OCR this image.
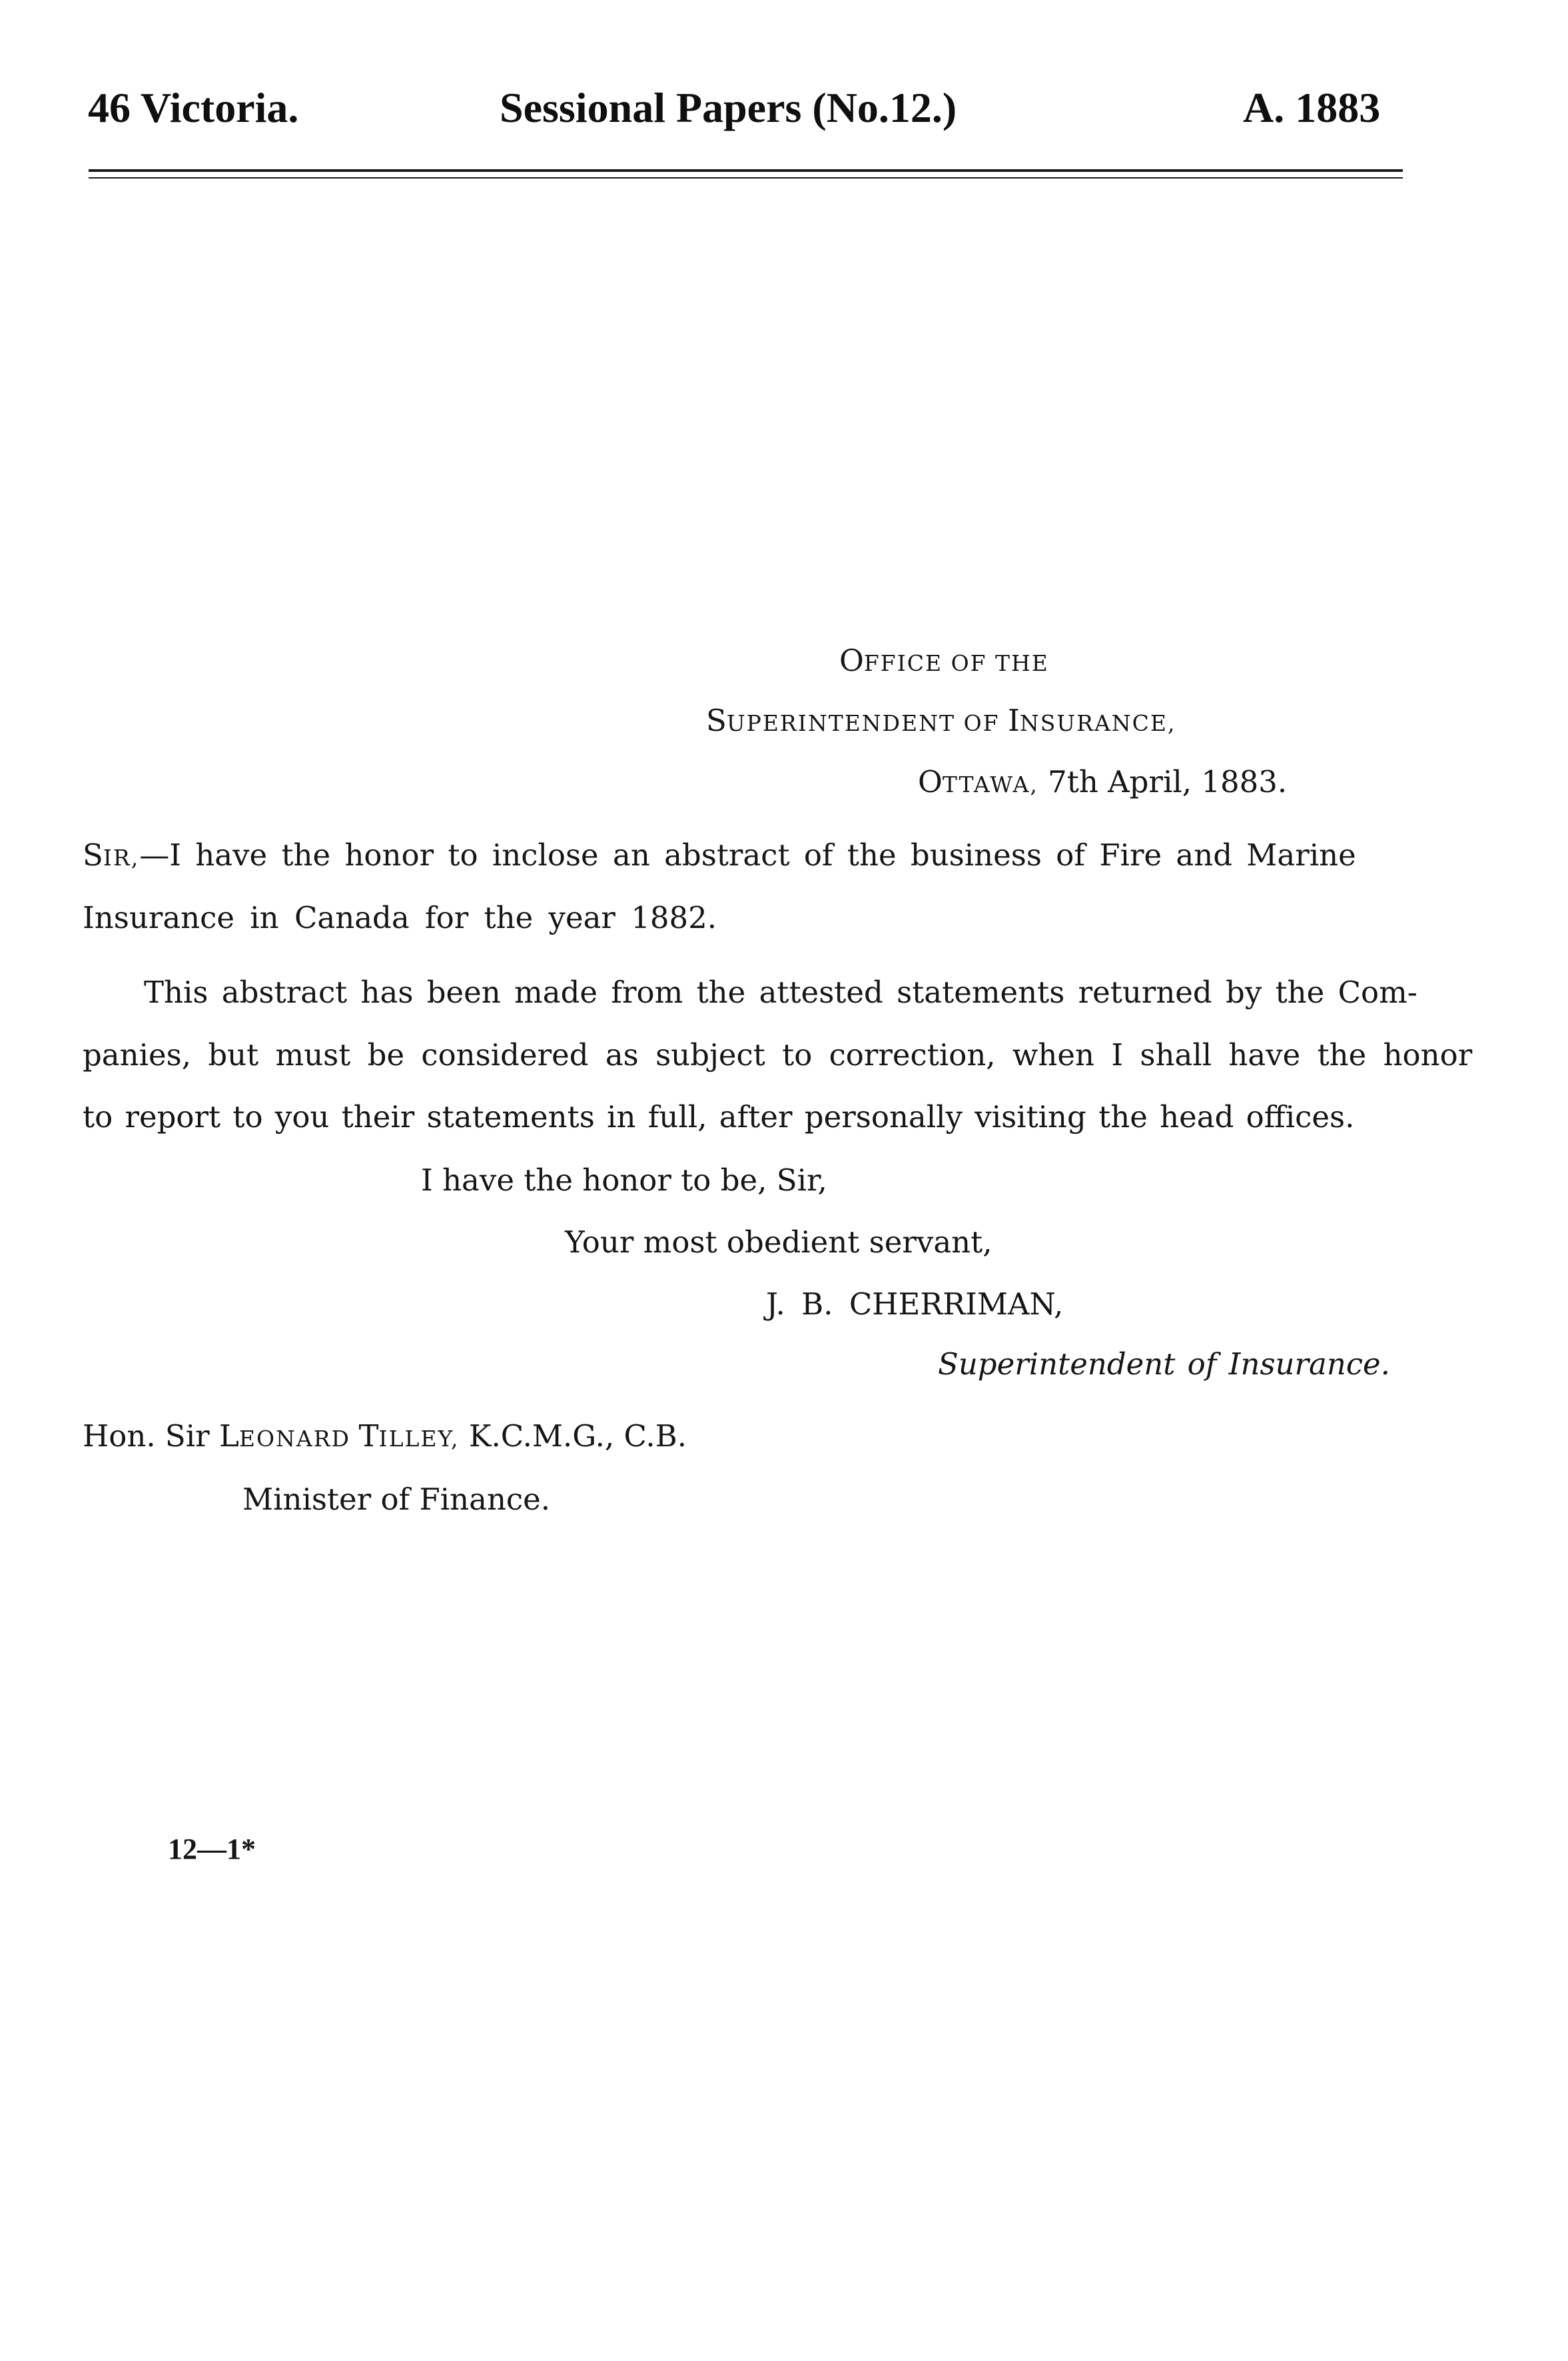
46 Victoria.	Sessional Papers (No.12.)	A. 1883
OFFICE OF THE
SUPERINTENDENT OF INSURANCE,
OTTAWA, 7th April, 1883.
SIR,—I have the honor to inclose an abstract of the business of Fire and Marine
Insurance in Canada for the year 1882.
This abstract has been made from the attested statements returned by the Com-
panies, but must be considered as subject to correction, when I shall have the honor
to report to you their statements in full, after personally visiting the head offices.
I have the honor to be, Sir,
Your most obedient servant,
J. B. CHERRIMAN,
Superintendent of Insurance.
Hon. Sir LEONARD TILLEY, K.C.M.G., C.B.
Minister of Finance.
12—1*
